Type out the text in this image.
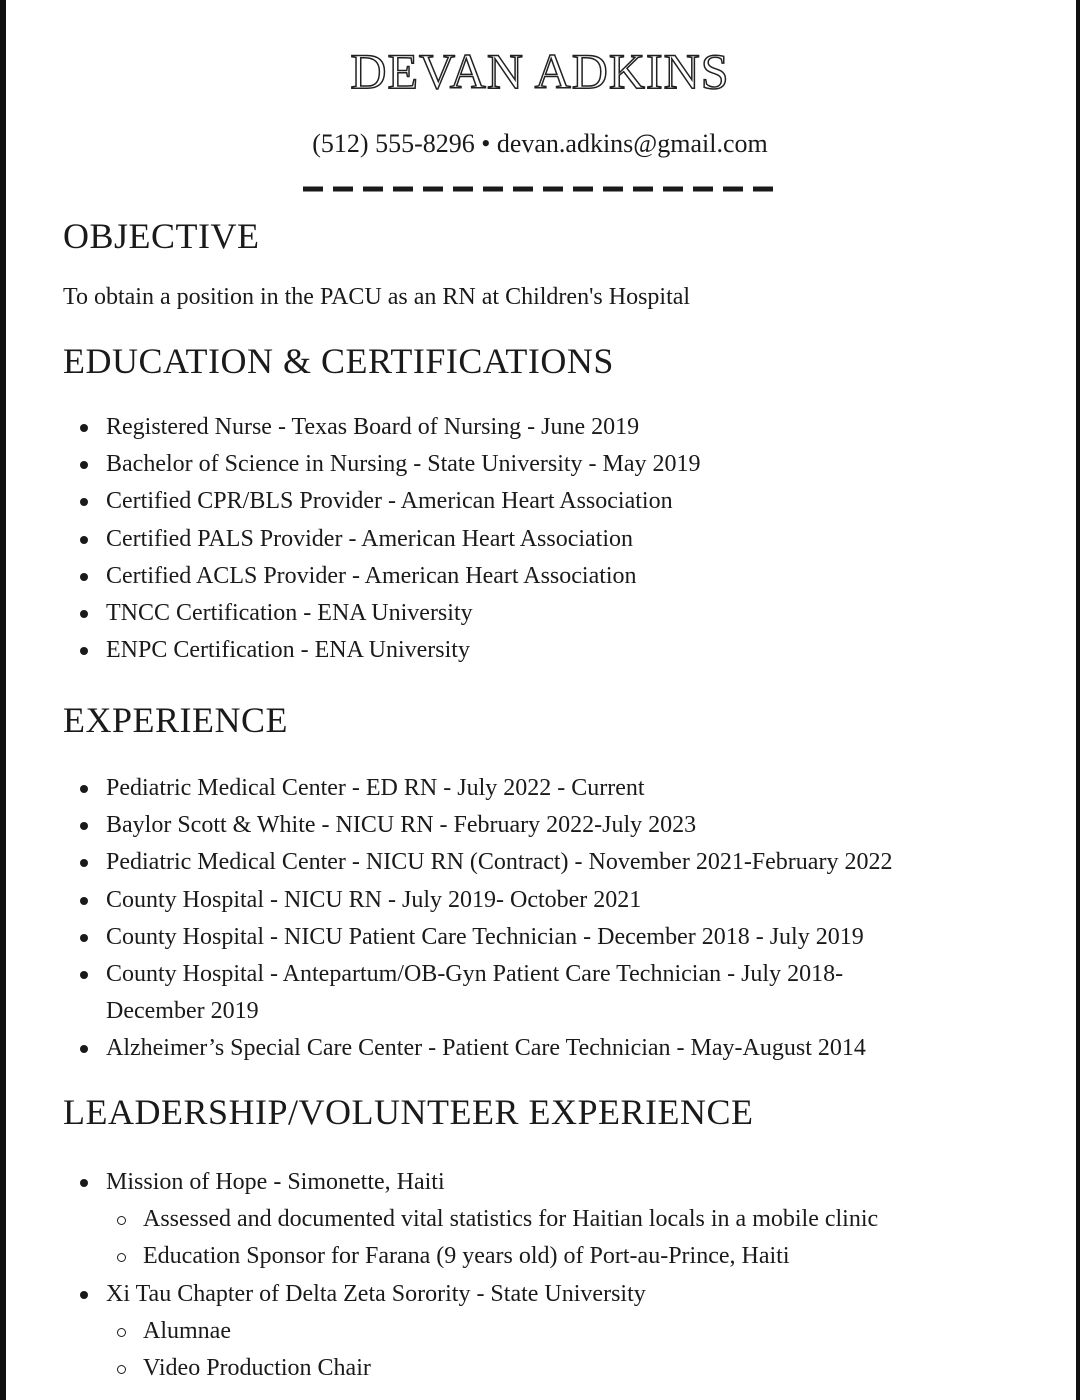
DEVAN ADKINS
(512) 555-8296 • devan.adkins@gmail.com
OBJECTIVE
To obtain a position in the PACU as an RN at Children's Hospital
EDUCATION & CERTIFICATIONS
Registered Nurse - Texas Board of Nursing - June 2019
Bachelor of Science in Nursing - State University - May 2019
Certified CPR/BLS Provider - American Heart Association
Certified PALS Provider - American Heart Association
Certified ACLS Provider - American Heart Association
TNCC Certification - ENA University
ENPC Certification - ENA University
EXPERIENCE
Pediatric Medical Center - ED RN - July 2022 - Current
Baylor Scott & White - NICU RN - February 2022-July 2023
Pediatric Medical Center - NICU RN (Contract) - November 2021-February 2022
County Hospital - NICU RN - July 2019- October 2021
County Hospital - NICU Patient Care Technician - December 2018 - July 2019
County Hospital - Antepartum/OB-Gyn Patient Care Technician - July 2018- December 2019
Alzheimer’s Special Care Center - Patient Care Technician - May-August 2014
LEADERSHIP/VOLUNTEER EXPERIENCE
Mission of Hope - Simonette, Haiti
Assessed and documented vital statistics for Haitian locals in a mobile clinic
Education Sponsor for Farana (9 years old) of Port-au-Prince, Haiti
Xi Tau Chapter of Delta Zeta Sorority - State University
Alumnae
Video Production Chair
